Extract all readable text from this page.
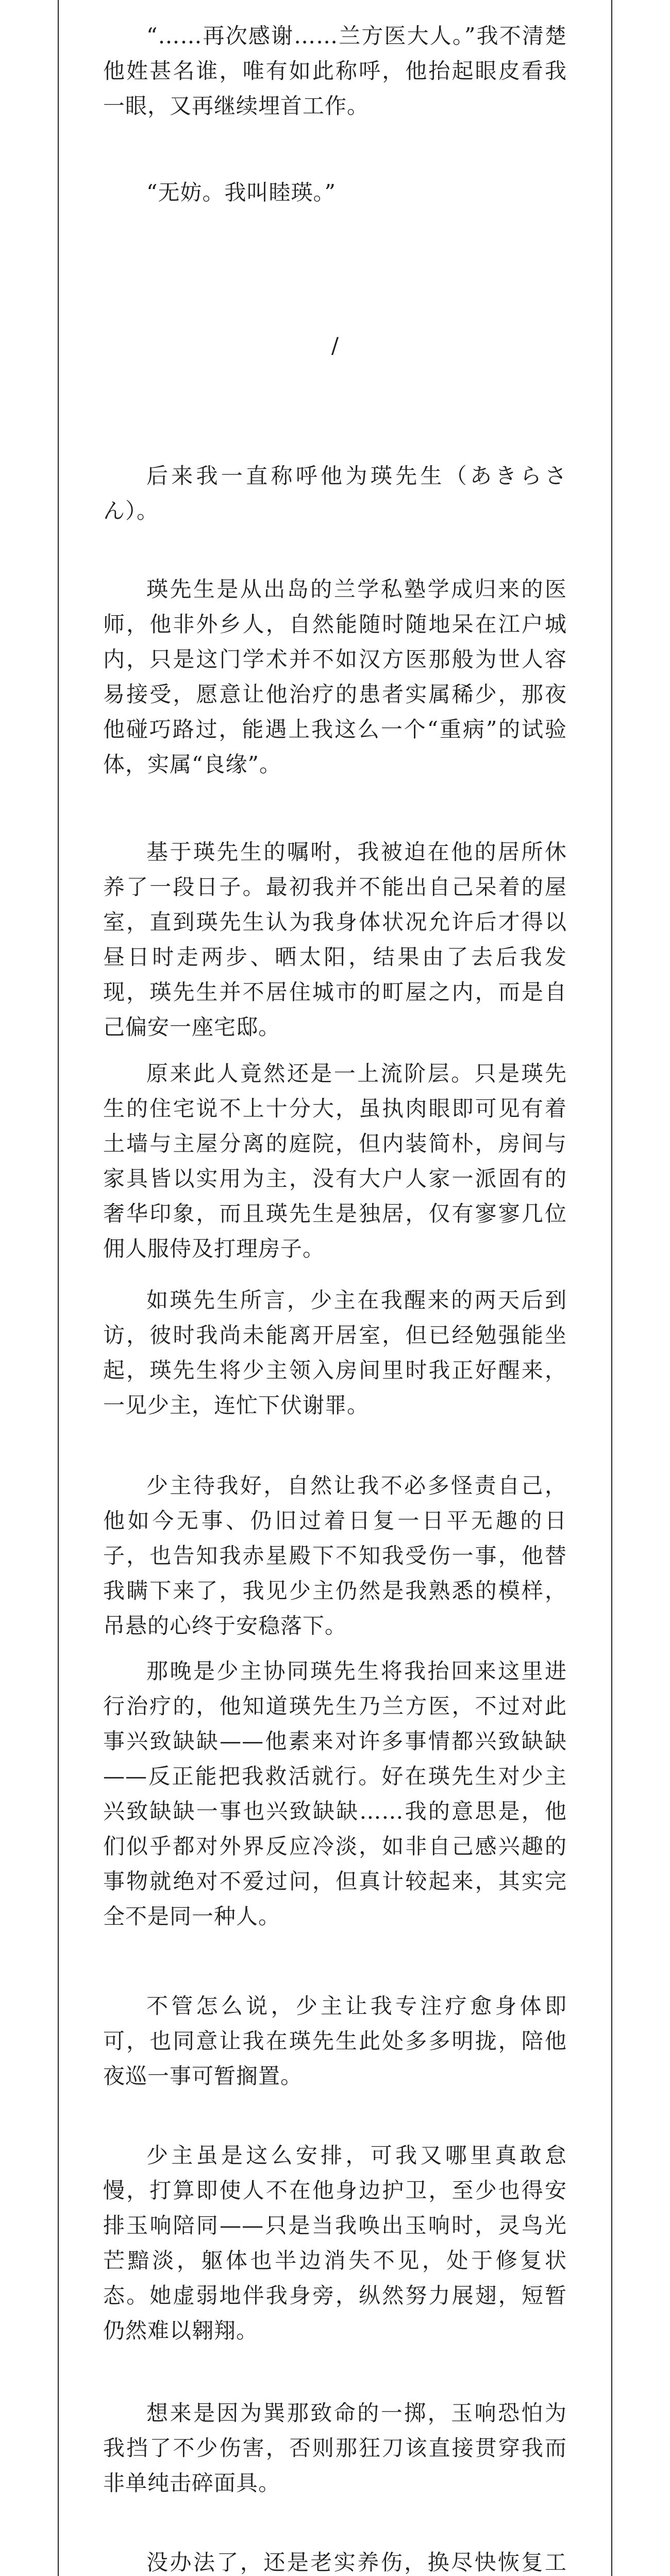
“……再次感谢……兰方医大人。”我不清楚他姓甚名谁，唯有如此称呼，他抬起眼皮看我一眼，又再继续埋首工作。

“无妨。我叫睦瑛。”

/

后来我一直称呼他为瑛先生（あきらさん）。

瑛先生是从出岛的兰学私塾学成归来的医师，他非外乡人，自然能随时随地呆在江户城内，只是这门学术并不如汉方医那般为世人容易接受，愿意让他治疗的患者实属稀少，那夜他碰巧路过，能遇上我这么一个“重病”的试验体，实属“良缘”。

基于瑛先生的嘱咐，我被迫在他的居所休养了一段日子。最初我并不能出自己呆着的屋室，直到瑛先生认为我身体状况允许后才得以昼日时走两步、晒太阳，结果由了去后我发现，瑛先生并不居住城市的町屋之内，而是自己偏安一座宅邸。

原来此人竟然还是一上流阶层。只是瑛先生的住宅说不上十分大，虽执肉眼即可见有着土墙与主屋分离的庭院，但内装简朴，房间与家具皆以实用为主，没有大户人家一派固有的奢华印象，而且瑛先生是独居，仅有寥寥几位佣人服侍及打理房子。

如瑛先生所言，少主在我醒来的两天后到访，彼时我尚未能离开居室，但已经勉强能坐起，瑛先生将少主领入房间里时我正好醒来，一见少主，连忙下伏谢罪。

少主待我好，自然让我不必多怪责自己，他如今无事、仍旧过着日复一日平无趣的日子，也告知我赤星殿下不知我受伤一事，他替我瞒下来了，我见少主仍然是我熟悉的模样，吊悬的心终于安稳落下。

那晚是少主协同瑛先生将我抬回来这里进行治疗的，他知道瑛先生乃兰方医，不过对此事兴致缺缺——他素来对许多事情都兴致缺缺——反正能把我救活就行。好在瑛先生对少主兴致缺缺一事也兴致缺缺……我的意思是，他们似乎都对外界反应冷淡，如非自己感兴趣的事物就绝对不爱过问，但真计较起来，其实完全不是同一种人。

不管怎么说，少主让我专注疗愈身体即可，也同意让我在瑛先生此处多多明拢，陪他夜巡一事可暂搁置。

少主虽是这么安排，可我又哪里真敢怠慢，打算即使人不在他身边护卫，至少也得安排玉响陪同——只是当我唤出玉响时，灵鸟光芒黯淡，躯体也半边消失不见，处于修复状态。她虚弱地伴我身旁，纵然努力展翅，短暂仍然难以翱翔。

想来是因为巽那致命的一掷，玉响恐怕为我挡了不少伤害，否则那狂刀该直接贯穿我而非单纯击碎面具。

没办法了，还是老实养伤，换尽快恢复工
